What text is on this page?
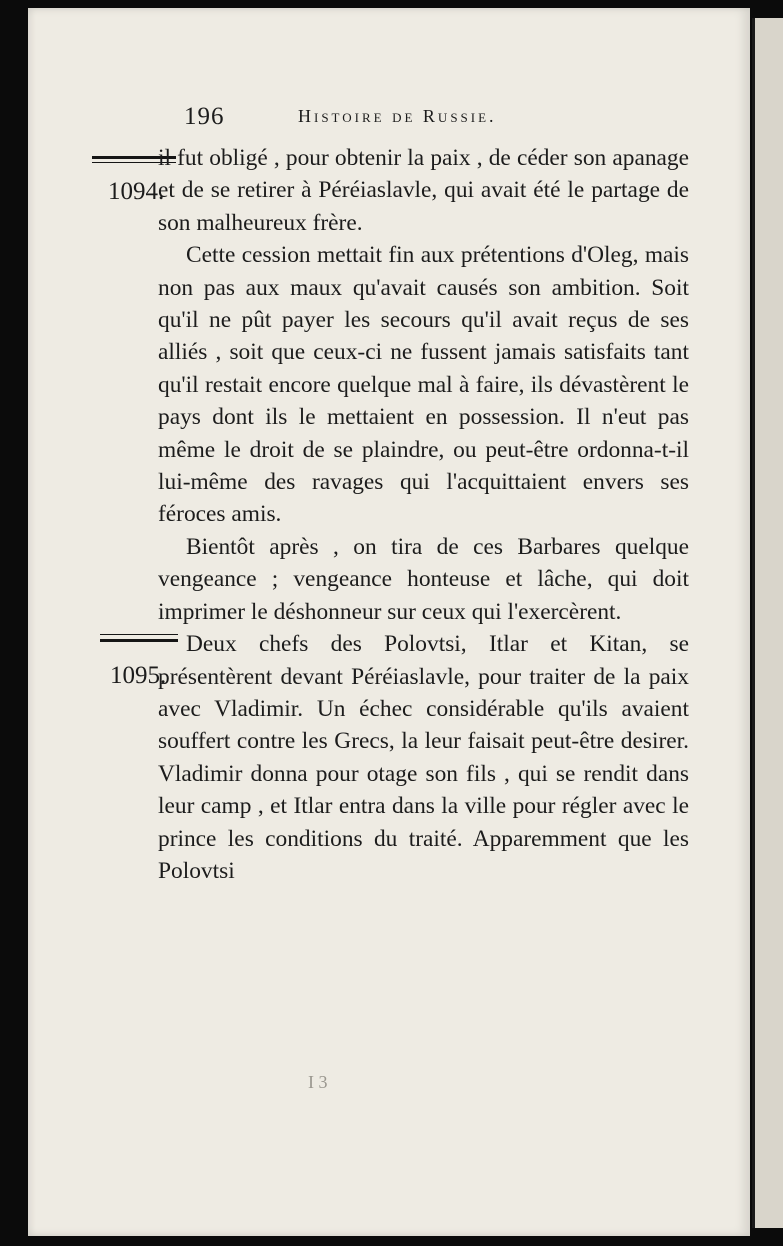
196	Histoire de Russie.
1094.
1095.

il fut obligé , pour obtenir la paix , de céder son apanage et de se retirer à Péréiaslavle, qui avait été le partage de son malheureux frère.

Cette cession mettait fin aux prétentions d'Oleg, mais non pas aux maux qu'avait causés son ambition. Soit qu'il ne pût payer les secours qu'il avait reçus de ses alliés , soit que ceux-ci ne fussent jamais satisfaits tant qu'il restait encore quelque mal à faire, ils dévastèrent le pays dont ils le mettaient en possession. Il n'eut pas même le droit de se plaindre, ou peut-être ordonna-t-il lui-même des ravages qui l'acquittaient envers ses féroces amis.

Bientôt après , on tira de ces Barbares quelque vengeance ; vengeance honteuse et lâche, qui doit imprimer le déshonneur sur ceux qui l'exercèrent.

Deux chefs des Polovtsi, Itlar et Kitan, se présentèrent devant Péréiaslavle, pour traiter de la paix avec Vladimir. Un échec considérable qu'ils avaient souffert contre les Grecs, la leur faisait peut-être desirer. Vladimir donna pour otage son fils , qui se rendit dans leur camp , et Itlar entra dans la ville pour régler avec le prince les conditions du traité. Apparemment que les Polovtsi

I 3
